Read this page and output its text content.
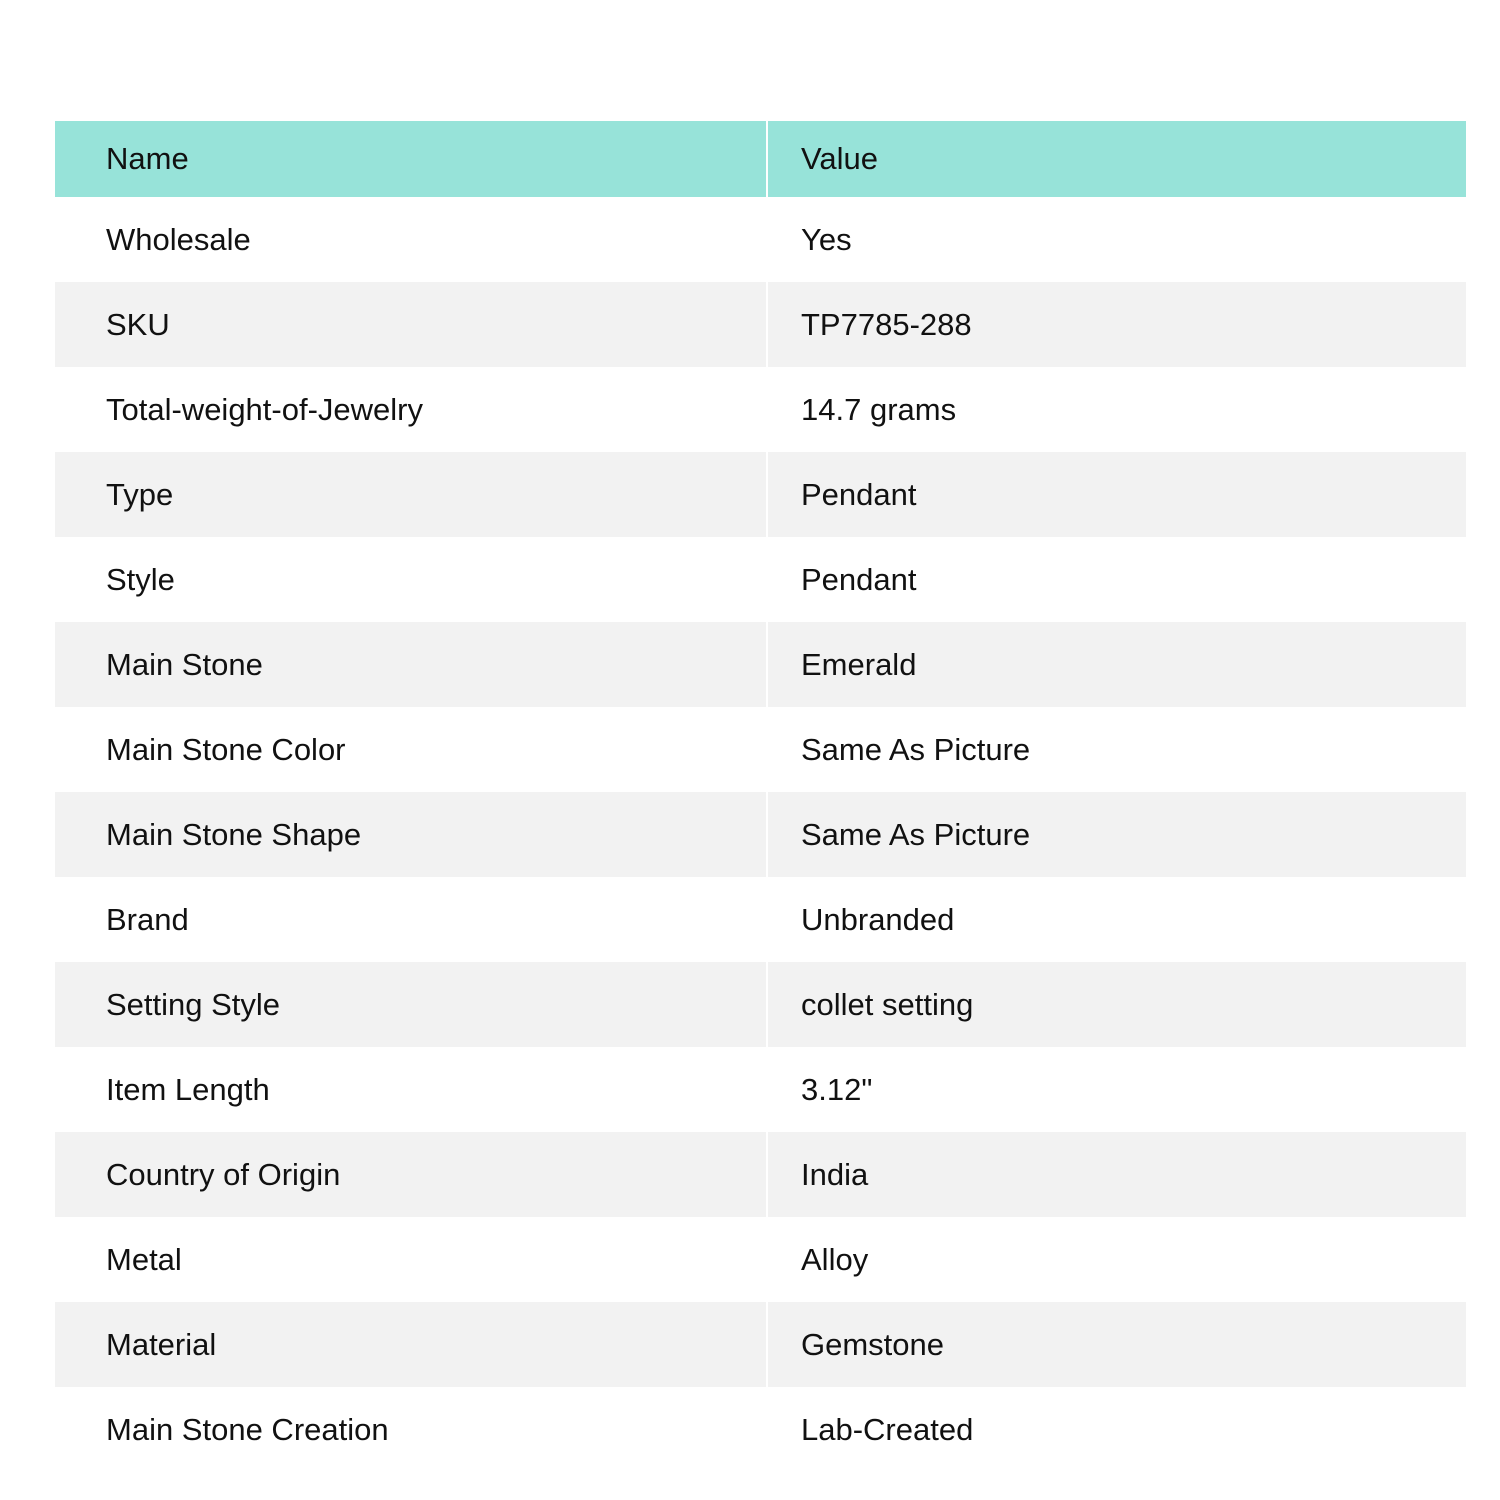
Name	Value
Wholesale	Yes
SKU	TP7785-288
Total-weight-of-Jewelry	14.7 grams
Type	Pendant
Style	Pendant
Main Stone	Emerald
Main Stone Color	Same As Picture
Main Stone Shape	Same As Picture
Brand	Unbranded
Setting Style	collet setting
Item Length	3.12"
Country of Origin	India
Metal	Alloy
Material	Gemstone
Main Stone Creation	Lab-Created
